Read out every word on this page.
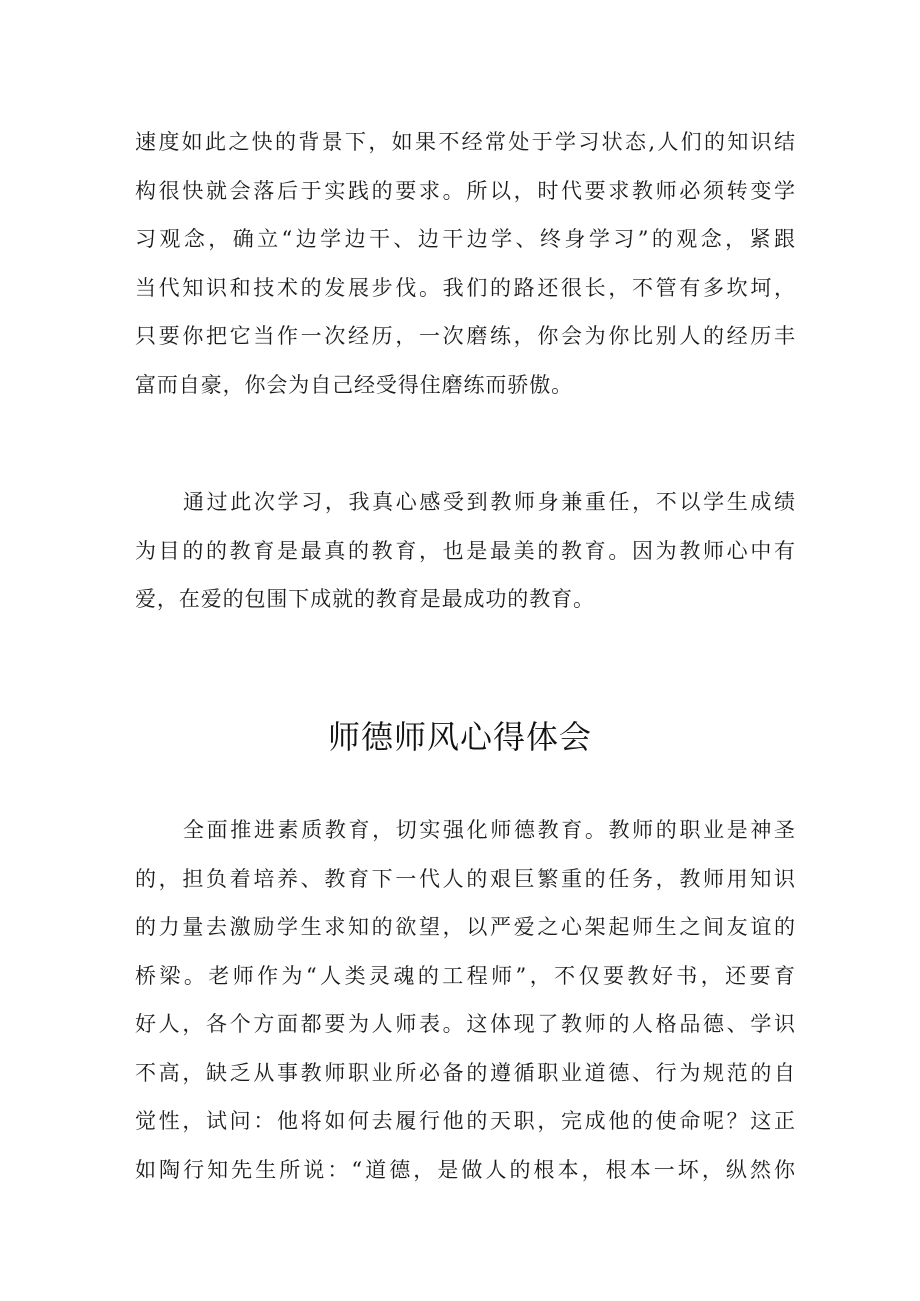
速度如此之快的背景下，如果不经常处于学习状态,人们的知识结
构很快就会落后于实践的要求。所以，时代要求教师必须转变学
习观念，确立“边学边干、边干边学、终身学习”的观念，紧跟
当代知识和技术的发展步伐。我们的路还很长，不管有多坎坷，
只要你把它当作一次经历，一次磨练，你会为你比别人的经历丰
富而自豪，你会为自己经受得住磨练而骄傲。
通过此次学习，我真心感受到教师身兼重任，不以学生成绩
为目的的教育是最真的教育，也是最美的教育。因为教师心中有
爱，在爱的包围下成就的教育是最成功的教育。
师德师风心得体会
全面推进素质教育，切实强化师德教育。教师的职业是神圣
的，担负着培养、教育下一代人的艰巨繁重的任务，教师用知识
的力量去激励学生求知的欲望，以严爱之心架起师生之间友谊的
桥梁。老师作为“人类灵魂的工程师”，不仅要教好书，还要育
好人，各个方面都要为人师表。这体现了教师的人格品德、学识
不高，缺乏从事教师职业所必备的遵循职业道德、行为规范的自
觉性，试问：他将如何去履行他的天职，完成他的使命呢？这正
如陶行知先生所说：“道德，是做人的根本，根本一坏，纵然你
